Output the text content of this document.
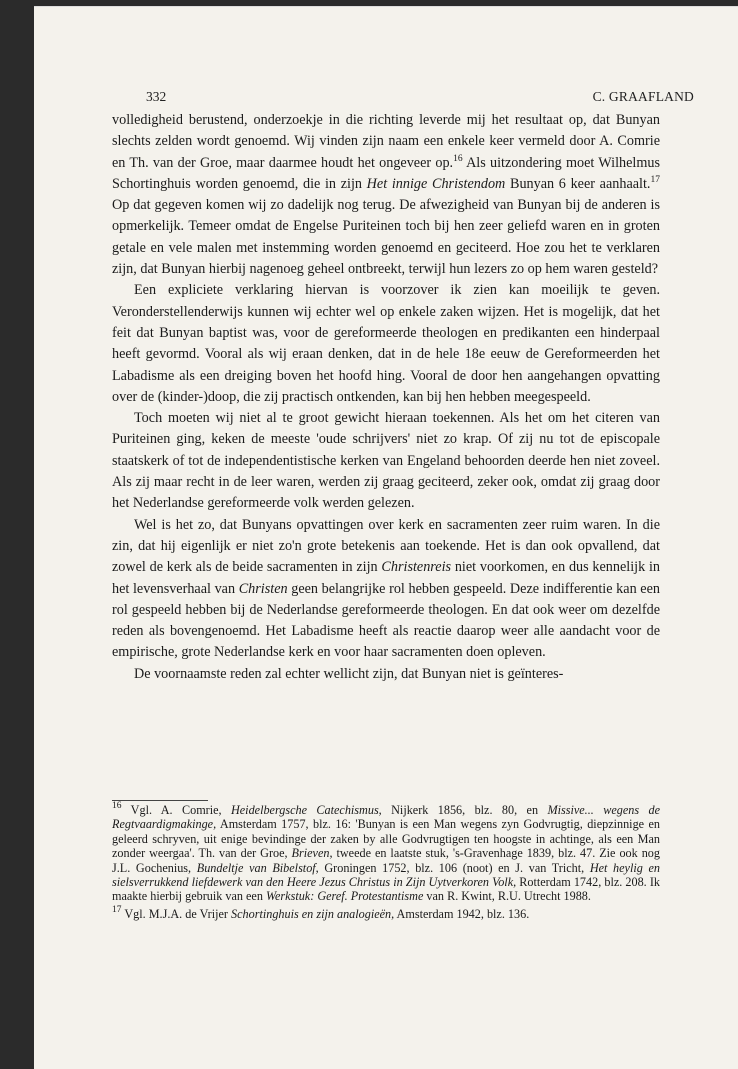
332	C. GRAAFLAND

volledigheid berustend, onderzoekje in die richting leverde mij het resultaat op, dat Bunyan slechts zelden wordt genoemd. Wij vinden zijn naam een enkele keer vermeld door A. Comrie en Th. van der Groe, maar daarmee houdt het ongeveer op.$^{16}$ Als uitzondering moet Wilhelmus Schortinghuis worden genoemd, die in zijn Het innige Christendom Bunyan 6 keer aanhaalt.$^{17}$ Op dat gegeven komen wij zo dadelijk nog terug. De afwezigheid van Bunyan bij de anderen is opmerkelijk. Temeer omdat de Engelse Puriteinen toch bij hen zeer geliefd waren en in groten getale en vele malen met instemming worden genoemd en geciteerd. Hoe zou het te verklaren zijn, dat Bunyan hierbij nagenoeg geheel ontbreekt, terwijl hun lezers zo op hem waren gesteld?

Een expliciete verklaring hiervan is voorzover ik zien kan moeilijk te geven. Veronderstellenderwijs kunnen wij echter wel op enkele zaken wijzen. Het is mogelijk, dat het feit dat Bunyan baptist was, voor de gereformeerde theologen en predikanten een hinderpaal heeft gevormd. Vooral als wij eraan denken, dat in de hele 18e eeuw de Gereformeerden het Labadisme als een dreiging boven het hoofd hing. Vooral de door hen aangehangen opvatting over de (kinder-)doop, die zij practisch ontkenden, kan bij hen hebben meegespeeld.

Toch moeten wij niet al te groot gewicht hieraan toekennen. Als het om het citeren van Puriteinen ging, keken de meeste 'oude schrijvers' niet zo krap. Of zij nu tot de episcopale staatskerk of tot de independentistische kerken van Engeland behoorden deerde hen niet zoveel. Als zij maar recht in de leer waren, werden zij graag geciteerd, zeker ook, omdat zij graag door het Nederlandse gereformeerde volk werden gelezen.

Wel is het zo, dat Bunyans opvattingen over kerk en sacramenten zeer ruim waren. In die zin, dat hij eigenlijk er niet zo'n grote betekenis aan toekende. Het is dan ook opvallend, dat zowel de kerk als de beide sacramenten in zijn Christenreis niet voorkomen, en dus kennelijk in het levensverhaal van Christen geen belangrijke rol hebben gespeeld. Deze indifferentie kan een rol gespeeld hebben bij de Nederlandse gereformeerde theologen. En dat ook weer om dezelfde reden als bovengenoemd. Het Labadisme heeft als reactie daarop weer alle aandacht voor de empirische, grote Nederlandse kerk en voor haar sacramenten doen opleven.

De voornaamste reden zal echter wellicht zijn, dat Bunyan niet is geïnteres-

$^{16}$ Vgl. A. Comrie, Heidelbergsche Catechismus, Nijkerk 1856, blz. 80, en Missive... wegens de Regtvaardigmakinge, Amsterdam 1757, blz. 16: 'Bunyan is een Man wegens zyn Godvrugtig, diepzinnige en geleerd schryven, uit enige bevindinge der zaken by alle Godvrugtigen ten hoogste in achtinge, als een Man zonder weergaa'. Th. van der Groe, Brieven, tweede en laatste stuk, 's-Gravenhage 1839, blz. 47. Zie ook nog J.L. Gochenius, Bundeltje van Bibelstof, Groningen 1752, blz. 106 (noot) en J. van Tricht, Het heylig en sielsverrukkend liefdewerk van den Heere Jezus Christus in Zijn Uytverkoren Volk, Rotterdam 1742, blz. 208. Ik maakte hierbij gebruik van een Werkstuk: Geref. Protestantisme van R. Kwint, R.U. Utrecht 1988.

$^{17}$ Vgl. M.J.A. de Vrijer Schortinghuis en zijn analogieën, Amsterdam 1942, blz. 136.
